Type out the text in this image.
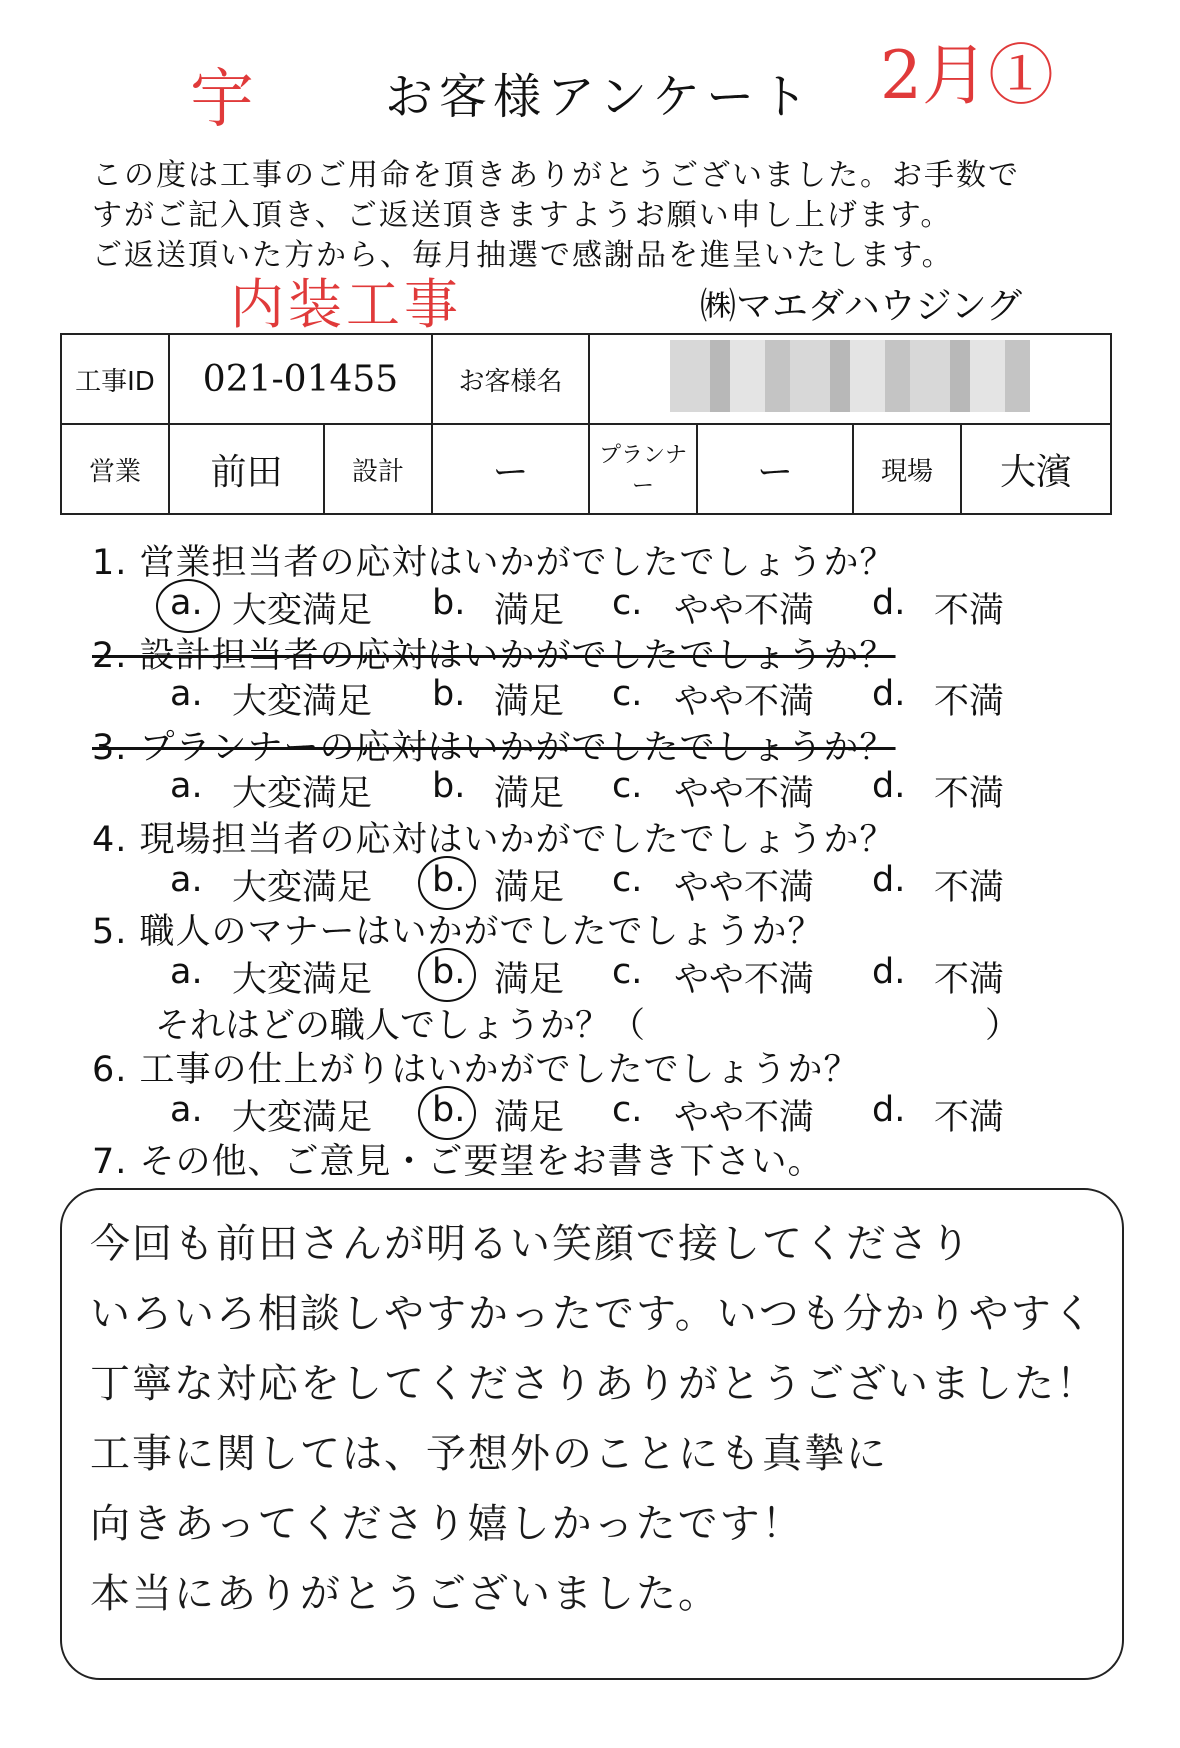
宇	2月①
お客様アンケート
この度は工事のご用命を頂きありがとうございました。お手数で
すがご記入頂き、ご返送頂きますようお願い申し上げます。
ご返送頂いた方から、毎月抽選で感謝品を進呈いたします。
内装工事	㈱マエダハウジング
工事ID	021-01455		お客様名				
営業	前田	設計	ー	プランナー	ー	現場	大濱
1. 営業担当者の応対はいかがでしたでしょうか？
a. 大変満足 b. 満足 c. やや不満 d. 不満
2. 設計担当者の応対はいかがでしたでしょうか？
a. 大変満足 b. 満足 c. やや不満 d. 不満
3. プランナーの応対はいかがでしたでしょうか？
a. 大変満足 b. 満足 c. やや不満 d. 不満
4. 現場担当者の応対はいかがでしたでしょうか？
a. 大変満足 b. 満足 c. やや不満 d. 不満
5. 職人のマナーはいかがでしたでしょうか？
a. 大変満足 b. 満足 c. やや不満 d. 不満
それはどの職人でしょうか？（	）
6. 工事の仕上がりはいかがでしたでしょうか？
a. 大変満足 b. 満足 c. やや不満 d. 不満
7. その他、ご意見・ご要望をお書き下さい。
今回も前田さんが明るい笑顔で接してくださり
いろいろ相談しやすかったです。いつも分かりやすく
丁寧な対応をしてくださりありがとうございました！
工事に関しては、予想外のことにも真摯に
向きあってくださり嬉しかったです！
本当にありがとうございました。
